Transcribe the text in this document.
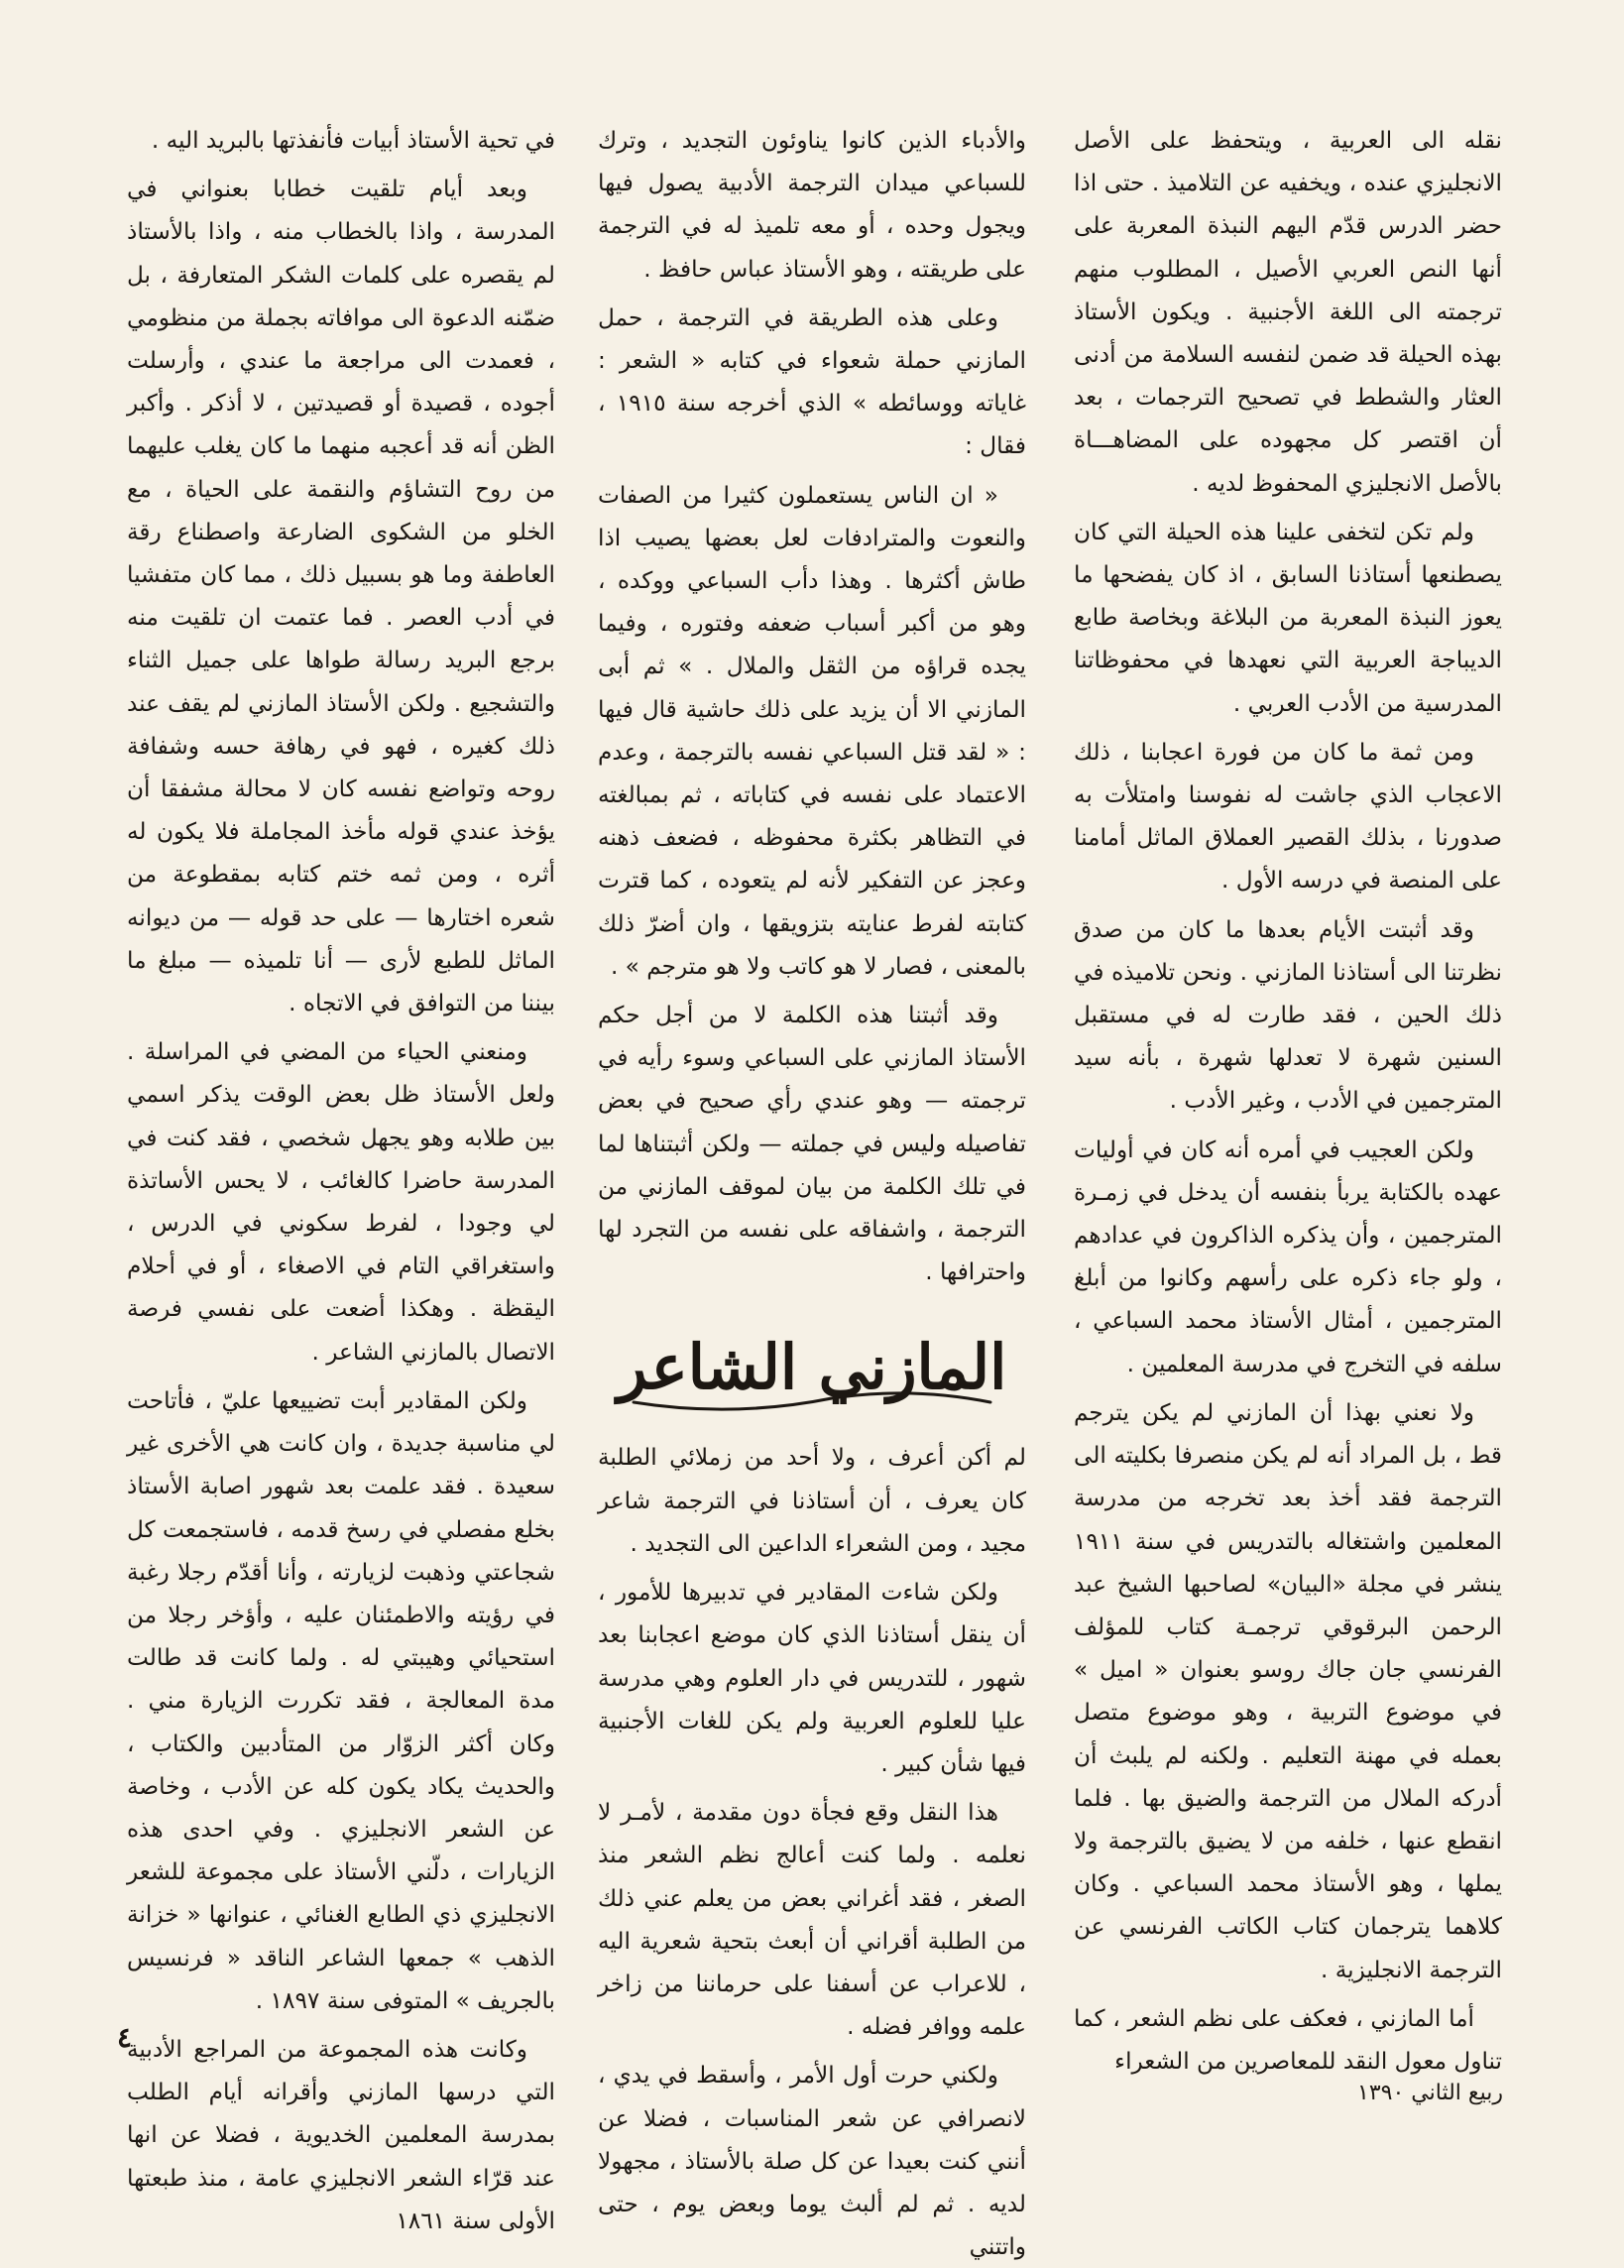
نقله الى العربية ، ويتحفظ على الأصل الانجليزي عنده ، ويخفيه عن التلاميذ . حتى اذا حضر الدرس قدّم اليهم النبذة المعربة على أنها النص العربي الأصيل ، المطلوب منهم ترجمته الى اللغة الأجنبية . ويكون الأستاذ بهذه الحيلة قد ضمن لنفسه السلامة من أدنى العثار والشطط في تصحيح الترجمات ، بعد أن اقتصر كل مجهوده على المضاهـــاة بالأصل الانجليزي المحفوظ لديه .

ولم تكن لتخفى علينا هذه الحيلة التي كان يصطنعها أستاذنا السابق ، اذ كان يفضحها ما يعوز النبذة المعربة من البلاغة وبخاصة طابع الديباجة العربية التي نعهدها في محفوظاتنا المدرسية من الأدب العربي .

ومن ثمة ما كان من فورة اعجابنا ، ذلك الاعجاب الذي جاشت له نفوسنا وامتلأت به صدورنا ، بذلك القصير العملاق الماثل أمامنا على المنصة في درسه الأول .

وقد أثبتت الأيام بعدها ما كان من صدق نظرتنا الى أستاذنا المازني . ونحن تلاميذه في ذلك الحين ، فقد طارت له في مستقبل السنين شهرة لا تعدلها شهرة ، بأنه سيد المترجمين في الأدب ، وغير الأدب .

ولكن العجيب في أمره أنه كان في أوليات عهده بالكتابة يربأ بنفسه أن يدخل في زمـرة المترجمين ، وأن يذكره الذاكرون في عدادهم ، ولو جاء ذكره على رأسهم وكانوا من أبلغ المترجمين ، أمثال الأستاذ محمد السباعي ، سلفه في التخرج في مدرسة المعلمين .

ولا نعني بهذا أن المازني لم يكن يترجم قط ، بل المراد أنه لم يكن منصرفا بكليته الى الترجمة فقد أخذ بعد تخرجه من مدرسة المعلمين واشتغاله بالتدريس في سنة ١٩١١ ينشر في مجلة «البيان» لصاحبها الشيخ عبد الرحمن البرقوقي ترجمـة كتاب للمؤلف الفرنسي جان جاك روسو بعنوان « اميل » في موضوع التربية ، وهو موضوع متصل بعمله في مهنة التعليم . ولكنه لم يلبث أن أدركه الملال من الترجمة والضيق بها . فلما انقطع عنها ، خلفه من لا يضيق بالترجمة ولا يملها ، وهو الأستاذ محمد السباعي . وكان كلاهما يترجمان كتاب الكاتب الفرنسي عن الترجمة الانجليزية .

أما المازني ، فعكف على نظم الشعر ، كما تناول معول النقد للمعاصرين من الشعراء

والأدباء الذين كانوا يناوئون التجديد ، وترك للسباعي ميدان الترجمة الأدبية يصول فيها ويجول وحده ، أو معه تلميذ له في الترجمة على طريقته ، وهو الأستاذ عباس حافظ .

وعلى هذه الطريقة في الترجمة ، حمل المازني حملة شعواء في كتابه « الشعر : غاياته ووسائطه » الذي أخرجه سنة ١٩١٥ ، فقال :

« ان الناس يستعملون كثيرا من الصفات والنعوت والمترادفات لعل بعضها يصيب اذا طاش أكثرها . وهذا دأب السباعي ووكده ، وهو من أكبر أسباب ضعفه وفتوره ، وفيما يجده قراؤه من الثقل والملال . » ثم أبى المازني الا أن يزيد على ذلك حاشية قال فيها : « لقد قتل السباعي نفسه بالترجمة ، وعدم الاعتماد على نفسه في كتاباته ، ثم بمبالغته في التظاهر بكثرة محفوظه ، فضعف ذهنه وعجز عن التفكير لأنه لم يتعوده ، كما قترت كتابته لفرط عنايته بتزويقها ، وان أضرّ ذلك بالمعنى ، فصار لا هو كاتب ولا هو مترجم » .

وقد أثبتنا هذه الكلمة لا من أجل حكم الأستاذ المازني على السباعي وسوء رأيه في ترجمته — وهو عندي رأي صحيح في بعض تفاصيله وليس في جملته — ولكن أثبتناها لما في تلك الكلمة من بيان لموقف المازني من الترجمة ، واشفاقه على نفسه من التجرد لها واحترافها .

المازني الشاعر

لم أكن أعرف ، ولا أحد من زملائي الطلبة كان يعرف ، أن أستاذنا في الترجمة شاعر مجيد ، ومن الشعراء الداعين الى التجديد .

ولكن شاءت المقادير في تدبيرها للأمور ، أن ينقل أستاذنا الذي كان موضع اعجابنا بعد شهور ، للتدريس في دار العلوم وهي مدرسة عليا للعلوم العربية ولم يكن للغات الأجنبية فيها شأن كبير .

هذا النقل وقع فجأة دون مقدمة ، لأمـر لا نعلمه . ولما كنت أعالج نظم الشعر منذ الصغر ، فقد أغراني بعض من يعلم عني ذلك من الطلبة أقراني أن أبعث بتحية شعرية اليه ، للاعراب عن أسفنا على حرماننا من زاخر علمه ووافر فضله .

ولكني حرت أول الأمر ، وأسقط في يدي ، لانصرافي عن شعر المناسبات ، فضلا عن أنني كنت بعيدا عن كل صلة بالأستاذ ، مجهولا لديه . ثم لم ألبث يوما وبعض يوم ، حتى واتتني

في تحية الأستاذ أبيات فأنفذتها بالبريد اليه .

وبعد أيام تلقيت خطابا بعنواني في المدرسة ، واذا بالخطاب منه ، واذا بالأستاذ لم يقصره على كلمات الشكر المتعارفة ، بل ضمّنه الدعوة الى موافاته بجملة من منظومي ، فعمدت الى مراجعة ما عندي ، وأرسلت أجوده ، قصيدة أو قصيدتين ، لا أذكر . وأكبر الظن أنه قد أعجبه منهما ما كان يغلب عليهما من روح التشاؤم والنقمة على الحياة ، مع الخلو من الشكوى الضارعة واصطناع رقة العاطفة وما هو بسبيل ذلك ، مما كان متفشيا في أدب العصر . فما عتمت ان تلقيت منه برجع البريد رسالة طواها على جميل الثناء والتشجيع . ولكن الأستاذ المازني لم يقف عند ذلك كغيره ، فهو في رهافة حسه وشفافة روحه وتواضع نفسه كان لا محالة مشفقا أن يؤخذ عندي قوله مأخذ المجاملة فلا يكون له أثره ، ومن ثمه ختم كتابه بمقطوعة من شعره اختارها — على حد قوله — من ديوانه الماثل للطبع لأرى — أنا تلميذه — مبلغ ما بيننا من التوافق في الاتجاه .

ومنعني الحياء من المضي في المراسلة . ولعل الأستاذ ظل بعض الوقت يذكر اسمي بين طلابه وهو يجهل شخصي ، فقد كنت في المدرسة حاضرا كالغائب ، لا يحس الأساتذة لي وجودا ، لفرط سكوني في الدرس ، واستغراقي التام في الاصغاء ، أو في أحلام اليقظة . وهكذا أضعت على نفسي فرصة الاتصال بالمازني الشاعر .

ولكن المقادير أبت تضييعها عليّ ، فأتاحت لي مناسبة جديدة ، وان كانت هي الأخرى غير سعيدة . فقد علمت بعد شهور اصابة الأستاذ بخلع مفصلي في رسخ قدمه ، فاستجمعت كل شجاعتي وذهبت لزيارته ، وأنا أقدّم رجلا رغبة في رؤيته والاطمئنان عليه ، وأؤخر رجلا من استحيائي وهيبتي له . ولما كانت قد طالت مدة المعالجة ، فقد تكررت الزيارة مني . وكان أكثر الزوّار من المتأدبين والكتاب ، والحديث يكاد يكون كله عن الأدب ، وخاصة عن الشعر الانجليزي . وفي احدى هذه الزيارات ، دلّني الأستاذ على مجموعة للشعر الانجليزي ذي الطابع الغنائي ، عنوانها « خزانة الذهب » جمعها الشاعر الناقد « فرنسيس بالجريف » المتوفى سنة ١٨٩٧ .

وكانت هذه المجموعة من المراجع الأدبية التي درسها المازني وأقرانه أيام الطلب بمدرسة المعلمين الخديوية ، فضلا عن انها عند قرّاء الشعر الانجليزي عامة ، منذ طبعتها الأولى سنة ١٨٦١

٤
ربيع الثاني ١٣٩٠
